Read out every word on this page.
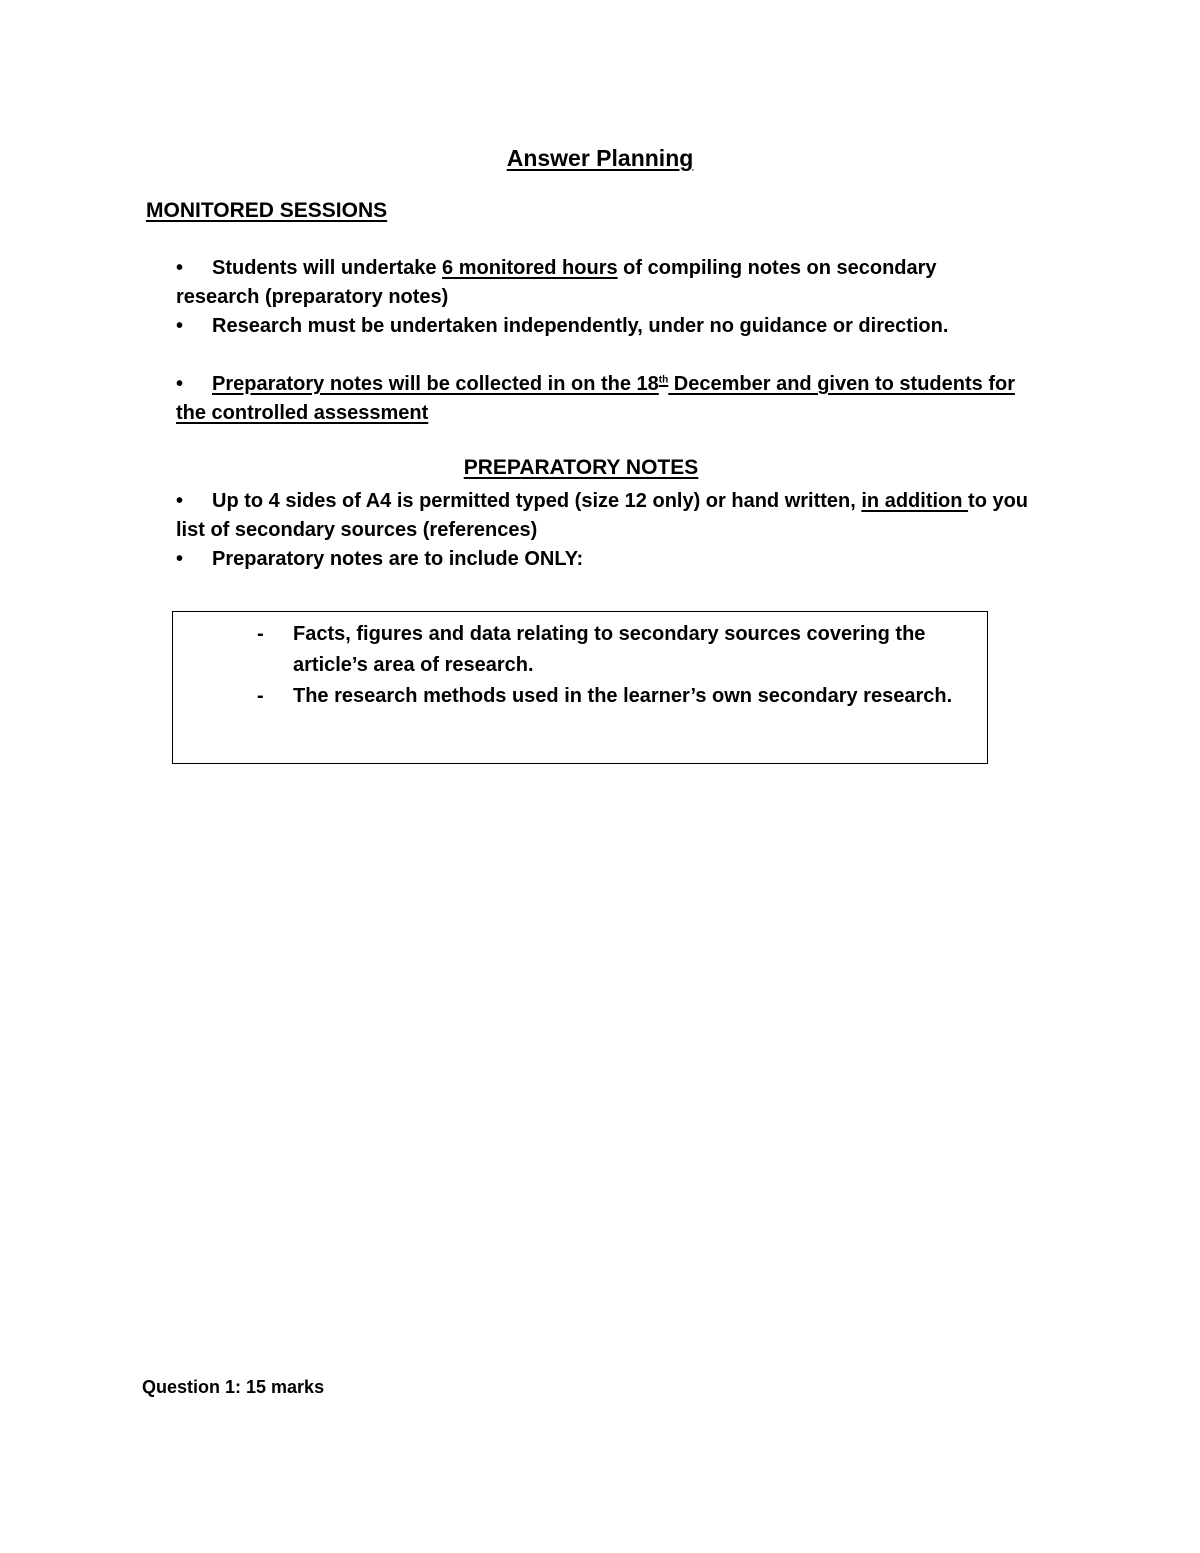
Answer Planning
MONITORED SESSIONS
• Students will undertake 6 monitored hours of compiling notes on secondary
research (preparatory notes)
• Research must be undertaken independently, under no guidance or direction.
• Preparatory notes will be collected in on the 18th December and given to students for
the controlled assessment
PREPARATORY NOTES
• Up to 4 sides of A4 is permitted typed (size 12 only) or hand written, in addition to you
list of secondary sources (references)
• Preparatory notes are to include ONLY:
- Facts, figures and data relating to secondary sources covering the article’s area of research.
- The research methods used in the learner’s own secondary research.
Question 1: 15 marks
